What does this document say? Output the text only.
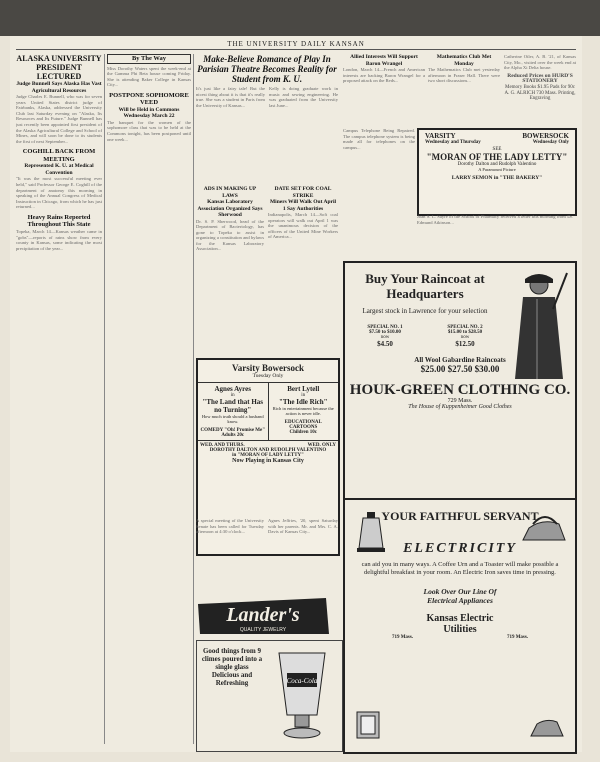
THE UNIVERSITY DAILY KANSAN
ALASKA UNIVERSITY PRESIDENT LECTURED
Judge Bunnell Says Alaska Has Vast Agricultural Resources
Judge Charles E. Bunnell, who was for seven years United States district judge of Fairbanks, Alaska, addressed the University Club last Saturday evening on "Alaska, Its Resources and Its Future." Judge Bunnell has just recently been appointed first president of the Alaska Agricultural College and School of Mines, and will soon be done to its students the first of next September...
COGHILL BACK FROM MEETING
Represented K. U. at Medical Convention
"It was the most successful meeting ever held," said Professor George E. Coghill of the department of anatomy this morning in speaking of the Annual Congress of Medical Instruction in Chicago, from which he has just returned...
Heavy Rains Reported Throughout This State
Topeka, March 14—Kansas weather came in "gobs"—reports of rains show from every county in Kansas, some indicating the most precipitation of the year...
By The Way
Miss Dorothy Waters spent the week-end at the Gamma Phi Beta house coming Friday. She is attending Baker College in Kansas City...
POSTPONE SOPHOMORE VEED
Will be Held in Commons Wednesday March 22
The banquet for the women of the sophomore class that was to be held at the Commons tonight, has been postponed until one week...
Make-Believe Romance of Play In Parisian Theatre Becomes Reality for Student from K. U.
It's just like a fairy tale! But the nicest thing about it is that it's really true. She was a student in Paris from the University of Kansas...
Kelly is doing graduate work in music and sewing engineering. He was graduated from the University last June...
ADS IN MAKING UP LAWS
Kansas Laboratory Association Organized Says Sherwood
Dr. S. P. Sherwood, head of the Department of Bacteriology, has gone to Topeka to assist in organizing a constitution and bylaws for the Kansas Laboratory Association...
DATE SET FOR COAL STRIKE
Miners Will Walk Out April 1 Say Authorities
Indianapolis, March 14—Soft coal operators will walk out April 1 was the unanimous decision of the officers of the United Mine Workers of America...
Varsity Bowersock
Tuesday Only
Agnes Ayres
in
"The Land that Has no Turning"
How much truth should a husband know.
COMEDY "Oh! Promise Me"
Adults 20c
Bert Lytell
in
"The Idle Rich"
Rich in entertainment because the action is never idle.
EDUCATIONAL CARTOONS
Children 10c
WED. AND THURS.	WED. ONLY
DOROTHY DALTON AND RUDOLPH VALENTINO
in "MORAN OF LADY LETTY"
Now Playing in Kansas City
A special meeting of the University Senate has been called for Tuesday afternoon at 4:30 o'clock...
Agnes Jeffries, '20, spent Saturday with her parents. Mr. and Mrs. C. A. Davis of Kansas City...
Lander's
QUALITY JEWELRY
Good things from 9 climes poured into a single glass Delicious and Refreshing	Coca-Cola
Allied Interests Will Support Baron Wrangel
London, March 14—French and American interests are backing Baron Wrangel for a proposed attack on the Reds...
Mathematics Club Met Monday
The Mathematics Club met yesterday afternoon in Fraser Hall. There were two short discussions...
Catherine Oiler, A. B. '21, of Kansas City, Mo., visited over the week end at the Alpha Xi Delta house.
Reduced Prices on HURD'S STATIONERY
Memory Books $1.95 Pads for 90c A. G. ALRICH 730 Mass. Printing, Engraving
VARSITY	BOWERSOCK
Wednesday and Thursday	Wednesday Only
SEE
"MORAN OF THE LADY LETTY"
Dorothy Dalton and Rudolph Valentino
A Paramount Picture
LARRY SEMON in "THE BAKERY"
Campus Telephone Being Repaired. The campus telephone system is being made all for telephones on the campus...
Joan S. L. Sayre of the School of Pharmacy received a letter this morning from Dr. Edmund Atkinson...
Buy Your Raincoat at Headquarters
Largest stock in Lawrence for your selection
SPECIAL NO. 1
$7.50 to $10.00
now
$4.50
SPECIAL NO. 2
$15.00 to $28.50
now
$12.50
All Wool Gabardine Raincoats
$25.00 $27.50 $30.00
HOUK-GREEN CLOTHING CO.
729 Mass.
The House of Kuppenheimer Good Clothes
YOUR FAITHFUL SERVANT
ELECTRICITY
can aid you in many ways. A Coffee Urn and a Toaster will make possible a delightful breakfast in your room. An Electric Iron saves time in pressing.
Look Over Our Line Of
Electrical Appliances
Kansas Electric
Utilities
719 Mass.	719 Mass.
